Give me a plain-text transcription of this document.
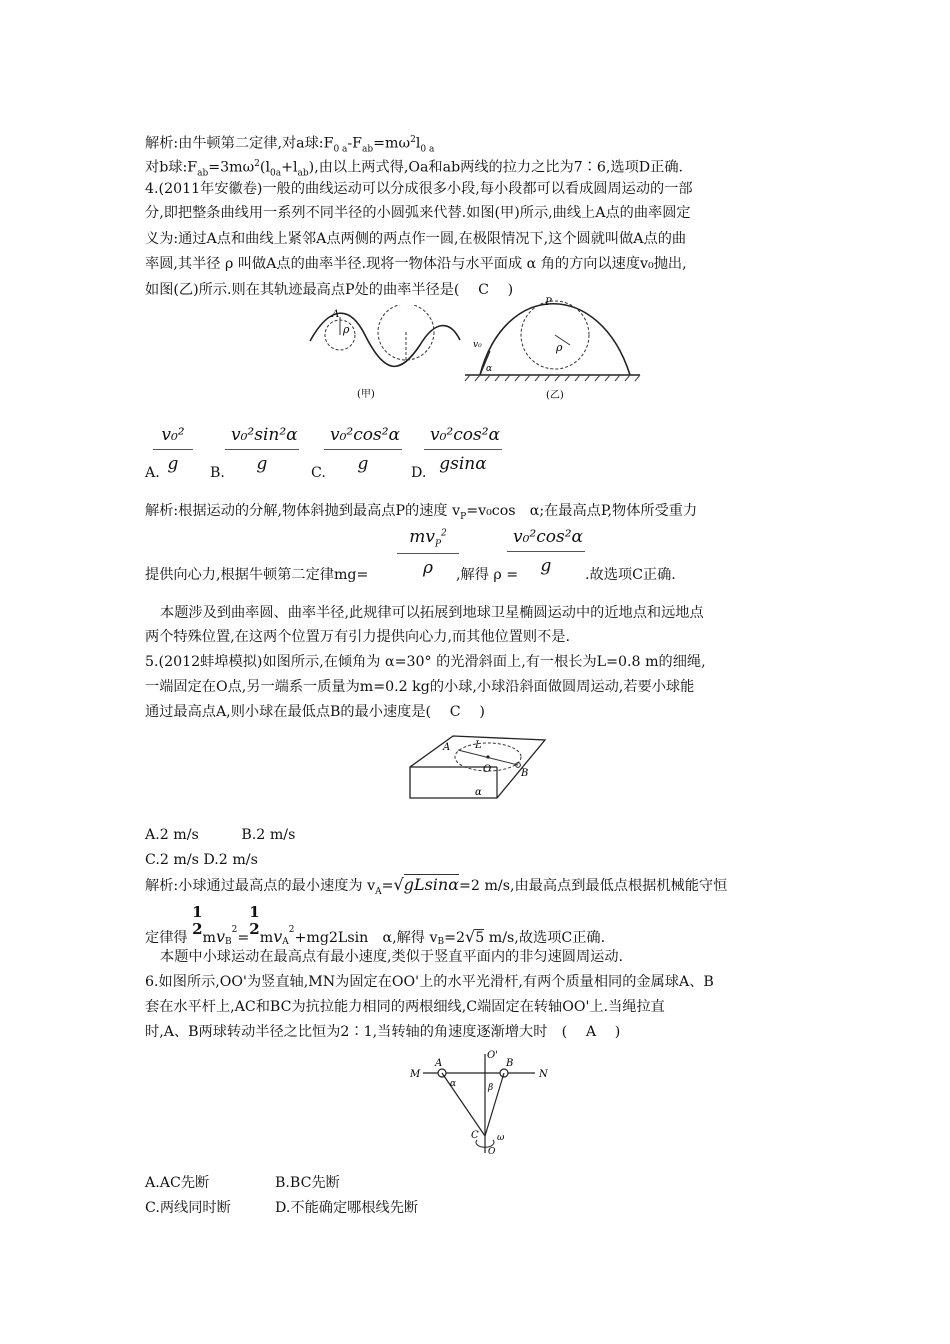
解析:由牛顿第二定律,对a球$:F_{0 a}-F_{ab}=m\omega^2l_{0 a}$
对b球$:F_{ab}=3m\omega^2(l_{0a}+l_{ab})$,由以上两式得,Oa和ab两线的拉力之比为7∶6,选项D正确.
4.(2011年安徽卷)一般的曲线运动可以分成很多小段,每小段都可以看成圆周运动的一部
分,即把整条曲线用一系列不同半径的小圆弧来代替.如图(甲)所示,曲线上A点的曲率圆定
义为:通过A点和曲线上紧邻A点两侧的两点作一圆,在极限情况下,这个圆就叫做A点的曲
率圆,其半径 ρ 叫做A点的曲率半径.现将一物体沿与水平面成 α 角的方向以速度v₀抛出,
如图(乙)所示.则在其轨迹最高点P处的曲率半径是(　 C　 )
A
ρ
(甲)
P
v₀
α
ρ
(乙)
A.
$\frac{\text{v₀²}}{g} B$. $\frac{\text{v₀²sin²α}}{g} C$.
$\frac{\text{v₀²cos²α}}{g} D$.
$\frac{\text{v₀²cos²α}}{gsin\alpha}$
解析:根据运动的分解,物体斜抛到最高点P的速度 $v_P=v_0\cos$　α;在最高点P,物体所受重力
$mv_P^2$
ρ	$\frac{\text{v₀²cos²α}}{g}$
提供向心力,根据牛顿第二定律mg=	,解得 ρ =	.故选项C正确.
本题涉及到曲率圆、曲率半径,此规律可以拓展到地球卫星椭圆运动中的近地点和远地点
两个特殊位置,在这两个位置万有引力提供向心力,而其他位置则不是.
5.(2012蚌埠模拟)如图所示,在倾角为 α=30° 的光滑斜面上,有一根长为L=0.8 m的细绳,
一端固定在O点,另一端系一质量为m=0.2 kg的小球,小球沿斜面做圆周运动,若要小球能
通过最高点A,则小球在最低点B的最小速度是(　 C　 )
A L
O	B
α
A.2 m/s　　　B.2 m/s
C.2 m/s D.2 m/s
解析:小球通过最高点的最小速度为 $v_A=√gLsin\alpha=2$ m/s,由最高点到最低点根据机械能守恒
定律得
1
2 $mv_B^2=$
1
2 $mv_A^2+mg2Lsin$　α,解得 $v_B=2√5$ m/s,故选项C正确.
本题中小球运动在最高点有最小速度,类似于竖直平面内的非匀速圆周运动.
6.如图所示,OO'为竖直轴,MN为固定在OO'上的水平光滑杆,有两个质量相同的金属球A、B
套在水平杆上,AC和BC为抗拉能力相同的两根细线,C端固定在转轴OO'上.当绳拉直
时,A、B两球转动半径之比恒为2∶1,当转轴的角速度逐渐增大时　( 　A　 )
M
A
O'
B
N
α	β
C ω
O
A.AC先断	B.BC先断
C.两线同时断	D.不能确定哪根线先断
